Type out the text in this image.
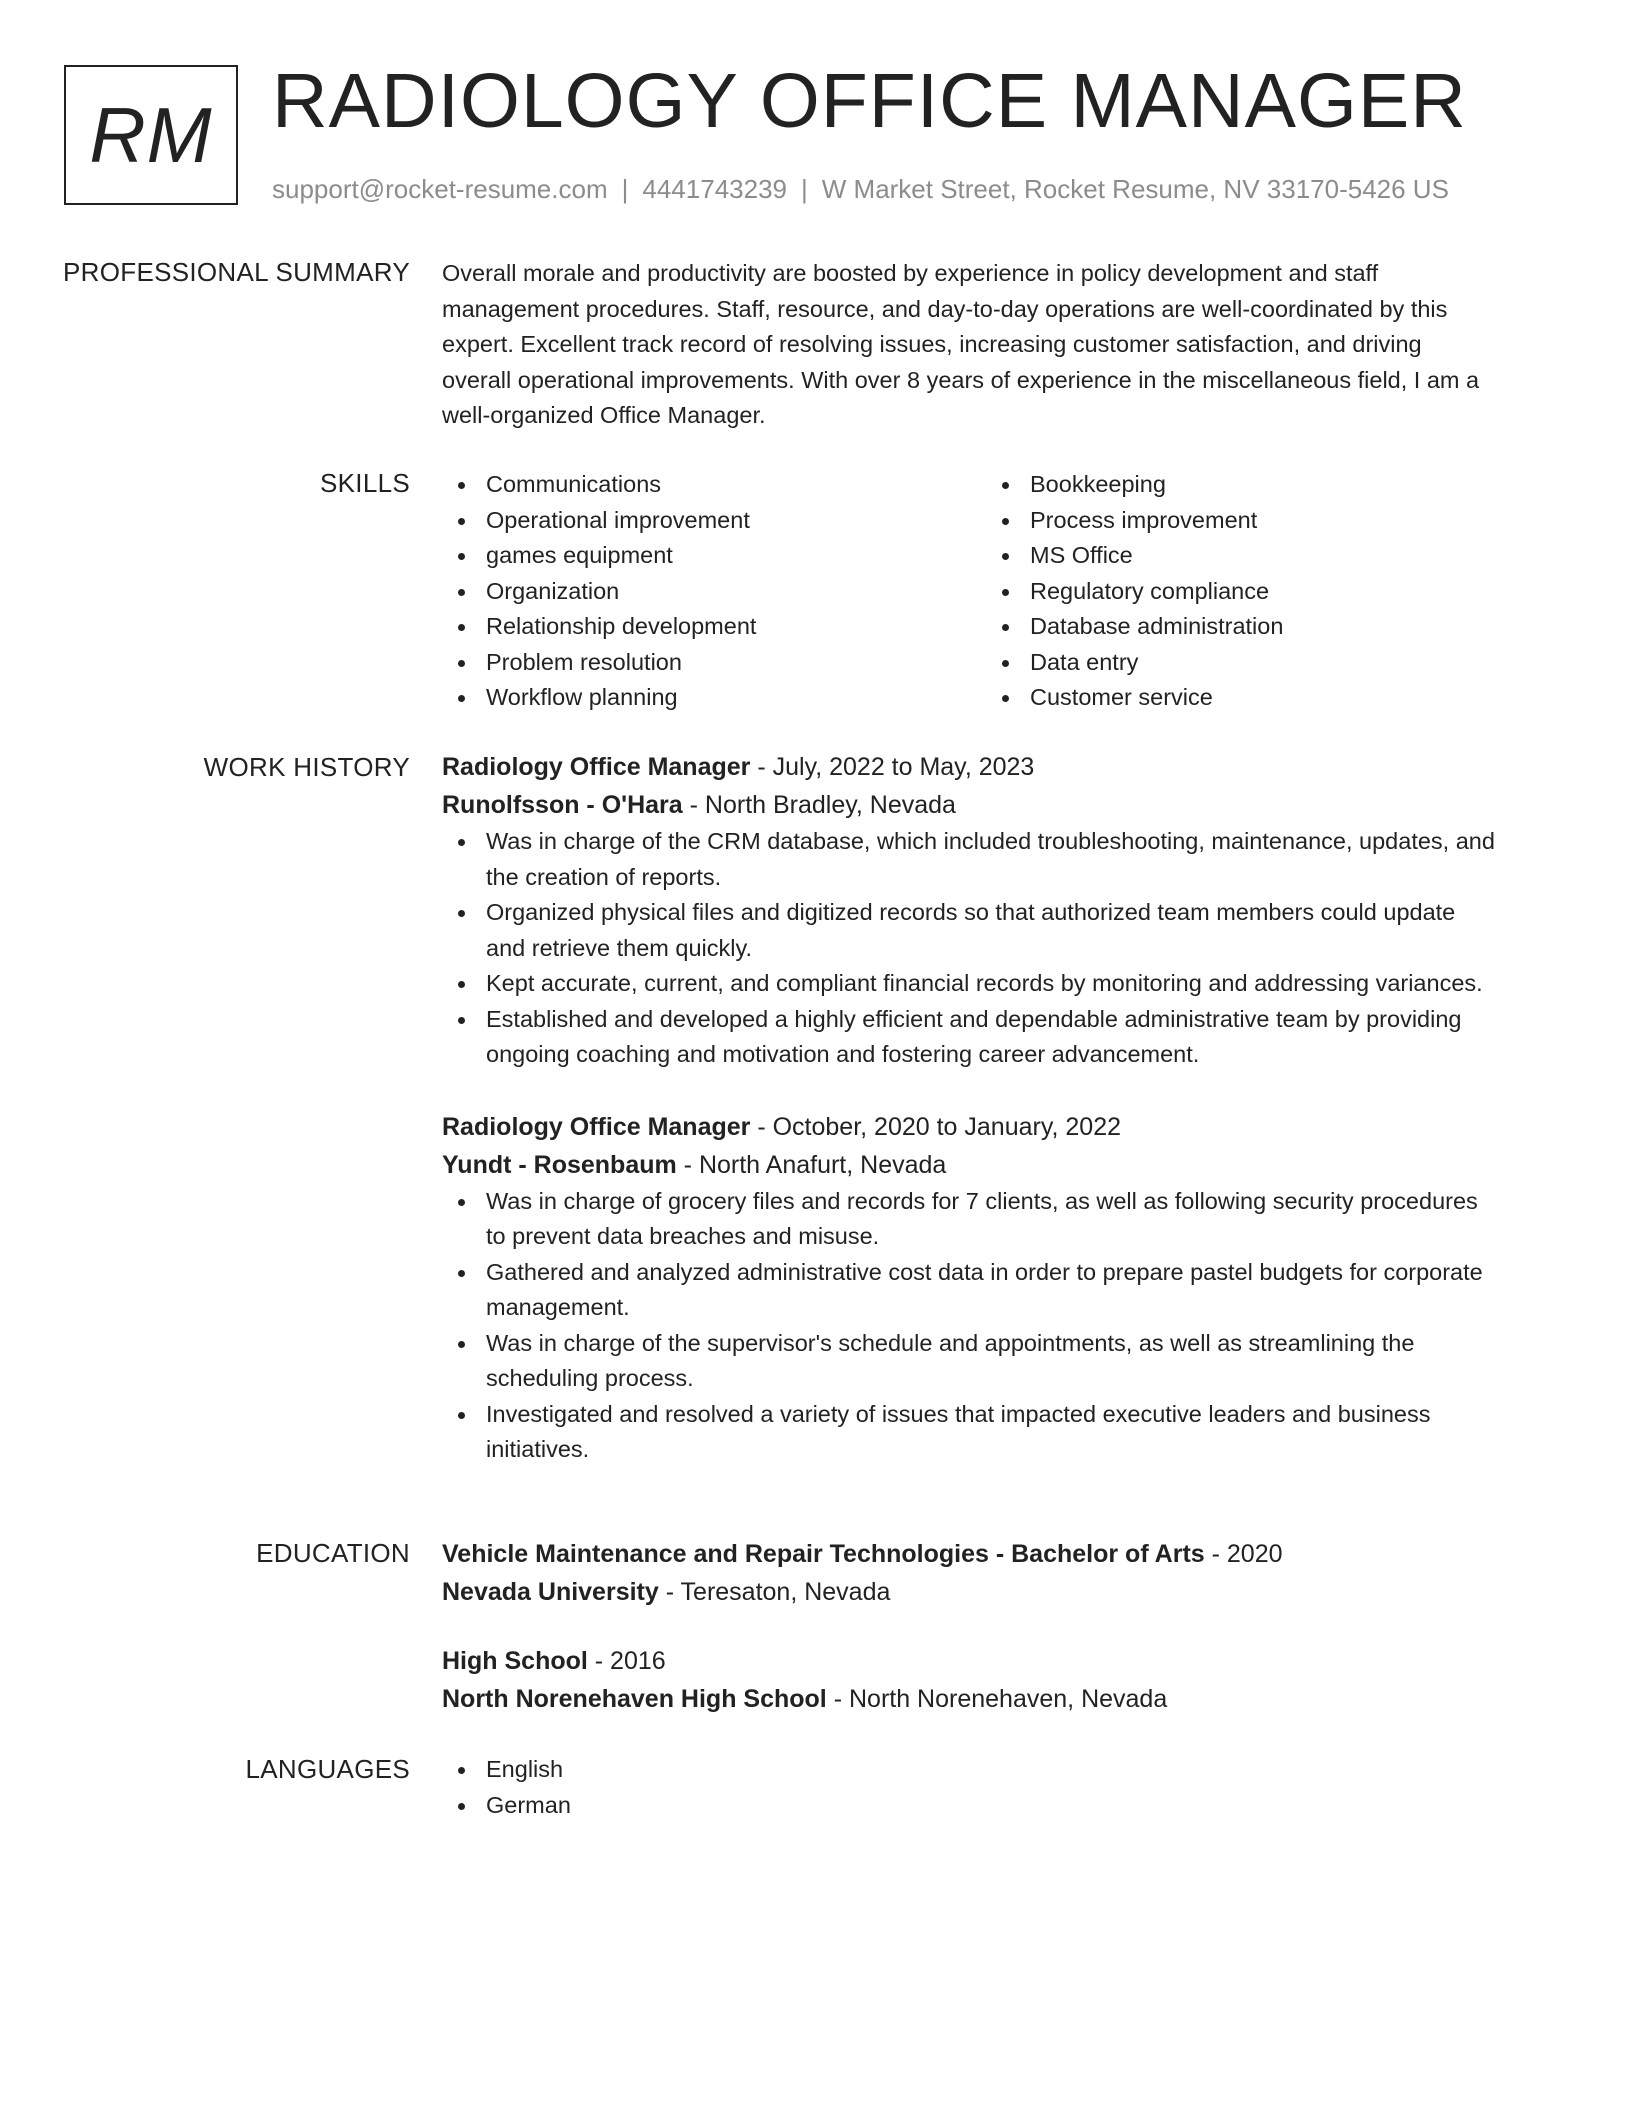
RM RADIOLOGY OFFICE MANAGER
support@rocket-resume.com | 4441743239 | W Market Street, Rocket Resume, NV 33170-5426 US
PROFESSIONAL SUMMARY Overall morale and productivity are boosted by experience in policy development and staff
management procedures. Staff, resource, and day-to-day operations are well-coordinated by this
expert. Excellent track record of resolving issues, increasing customer satisfaction, and driving
overall operational improvements. With over 8 years of experience in the miscellaneous field, I am a
well-organized Office Manager.

SKILLS	Communications
Operational improvement
games equipment
Organization
Relationship development
Problem resolution
Workflow planning
Bookkeeping
Process improvement
MS Office
Regulatory compliance
Database administration
Data entry
Customer service
WORK HISTORY Radiology Office Manager - July, 2022 to May, 2023
Runolfsson - O'Hara - North Bradley, Nevada
Was in charge of the CRM database, which included troubleshooting, maintenance, updates, and
the creation of reports.
Organized physical files and digitized records so that authorized team members could update
and retrieve them quickly.
Kept accurate, current, and compliant financial records by monitoring and addressing variances.
Established and developed a highly efficient and dependable administrative team by providing
ongoing coaching and motivation and fostering career advancement.
Radiology Office Manager - October, 2020 to January, 2022
Yundt - Rosenbaum - North Anafurt, Nevada
Was in charge of grocery files and records for 7 clients, as well as following security procedures
to prevent data breaches and misuse.
Gathered and analyzed administrative cost data in order to prepare pastel budgets for corporate
management.
Was in charge of the supervisor's schedule and appointments, as well as streamlining the
scheduling process.
Investigated and resolved a variety of issues that impacted executive leaders and business
initiatives.
EDUCATION Vehicle Maintenance and Repair Technologies - Bachelor of Arts - 2020
Nevada University - Teresaton, Nevada
High School - 2016
North Norenehaven High School - North Norenehaven, Nevada
LANGUAGES	English
German
